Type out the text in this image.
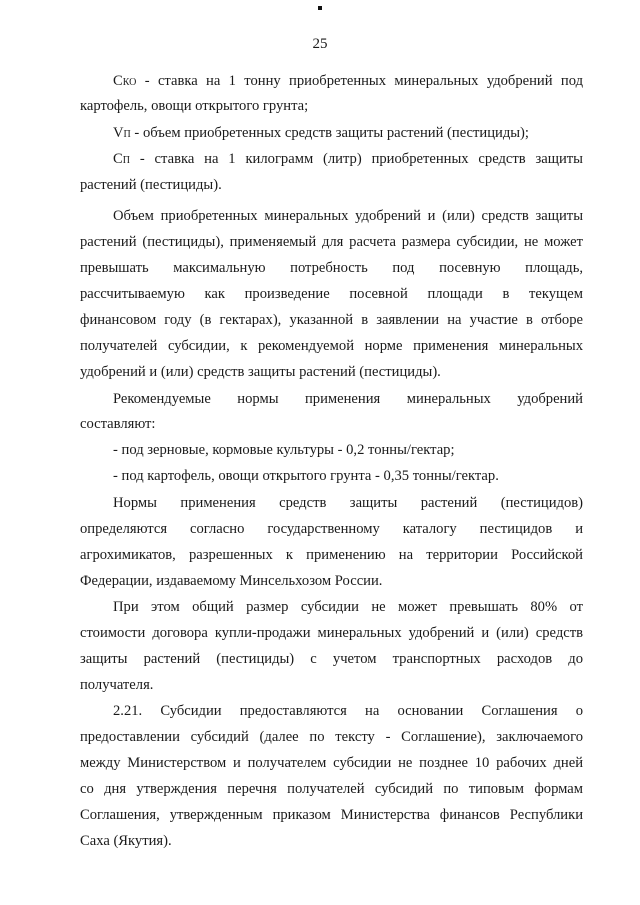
25

CКО - ставка на 1 тонну приобретенных минеральных удобрений под

картофель, овощи открытого грунта;

VП - объем приобретенных средств защиты растений (пестициды);

CП - ставка на 1 килограмм (литр) приобретенных средств защиты

растений (пестициды).

Объем приобретенных минеральных удобрений и (или) средств защиты

растений (пестициды), применяемый для расчета размера субсидии, не может

превышать максимальную потребность под посевную площадь,

рассчитываемую как произведение посевной площади в текущем

финансовом году (в гектарах), указанной в заявлении на участие в отборе

получателей субсидии, к рекомендуемой норме применения минеральных

удобрений и (или) средств защиты растений (пестициды).

Рекомендуемые нормы применения минеральных удобрений

составляют:

- под зерновые, кормовые культуры - 0,2 тонны/гектар;

- под картофель, овощи открытого грунта - 0,35 тонны/гектар.

Нормы применения средств защиты растений (пестицидов)

определяются согласно государственному каталогу пестицидов и

агрохимикатов, разрешенных к применению на территории Российской

Федерации, издаваемому Минсельхозом России.

При этом общий размер субсидии не может превышать 80% от

стоимости договора купли-продажи минеральных удобрений и (или) средств

защиты растений (пестициды) с учетом транспортных расходов до

получателя.

2.21. Субсидии предоставляются на основании Соглашения о

предоставлении субсидий (далее по тексту - Соглашение), заключаемого

между Министерством и получателем субсидии не позднее 10 рабочих дней

со дня утверждения перечня получателей субсидий по типовым формам

Соглашения, утвержденным приказом Министерства финансов Республики

Саха (Якутия).
